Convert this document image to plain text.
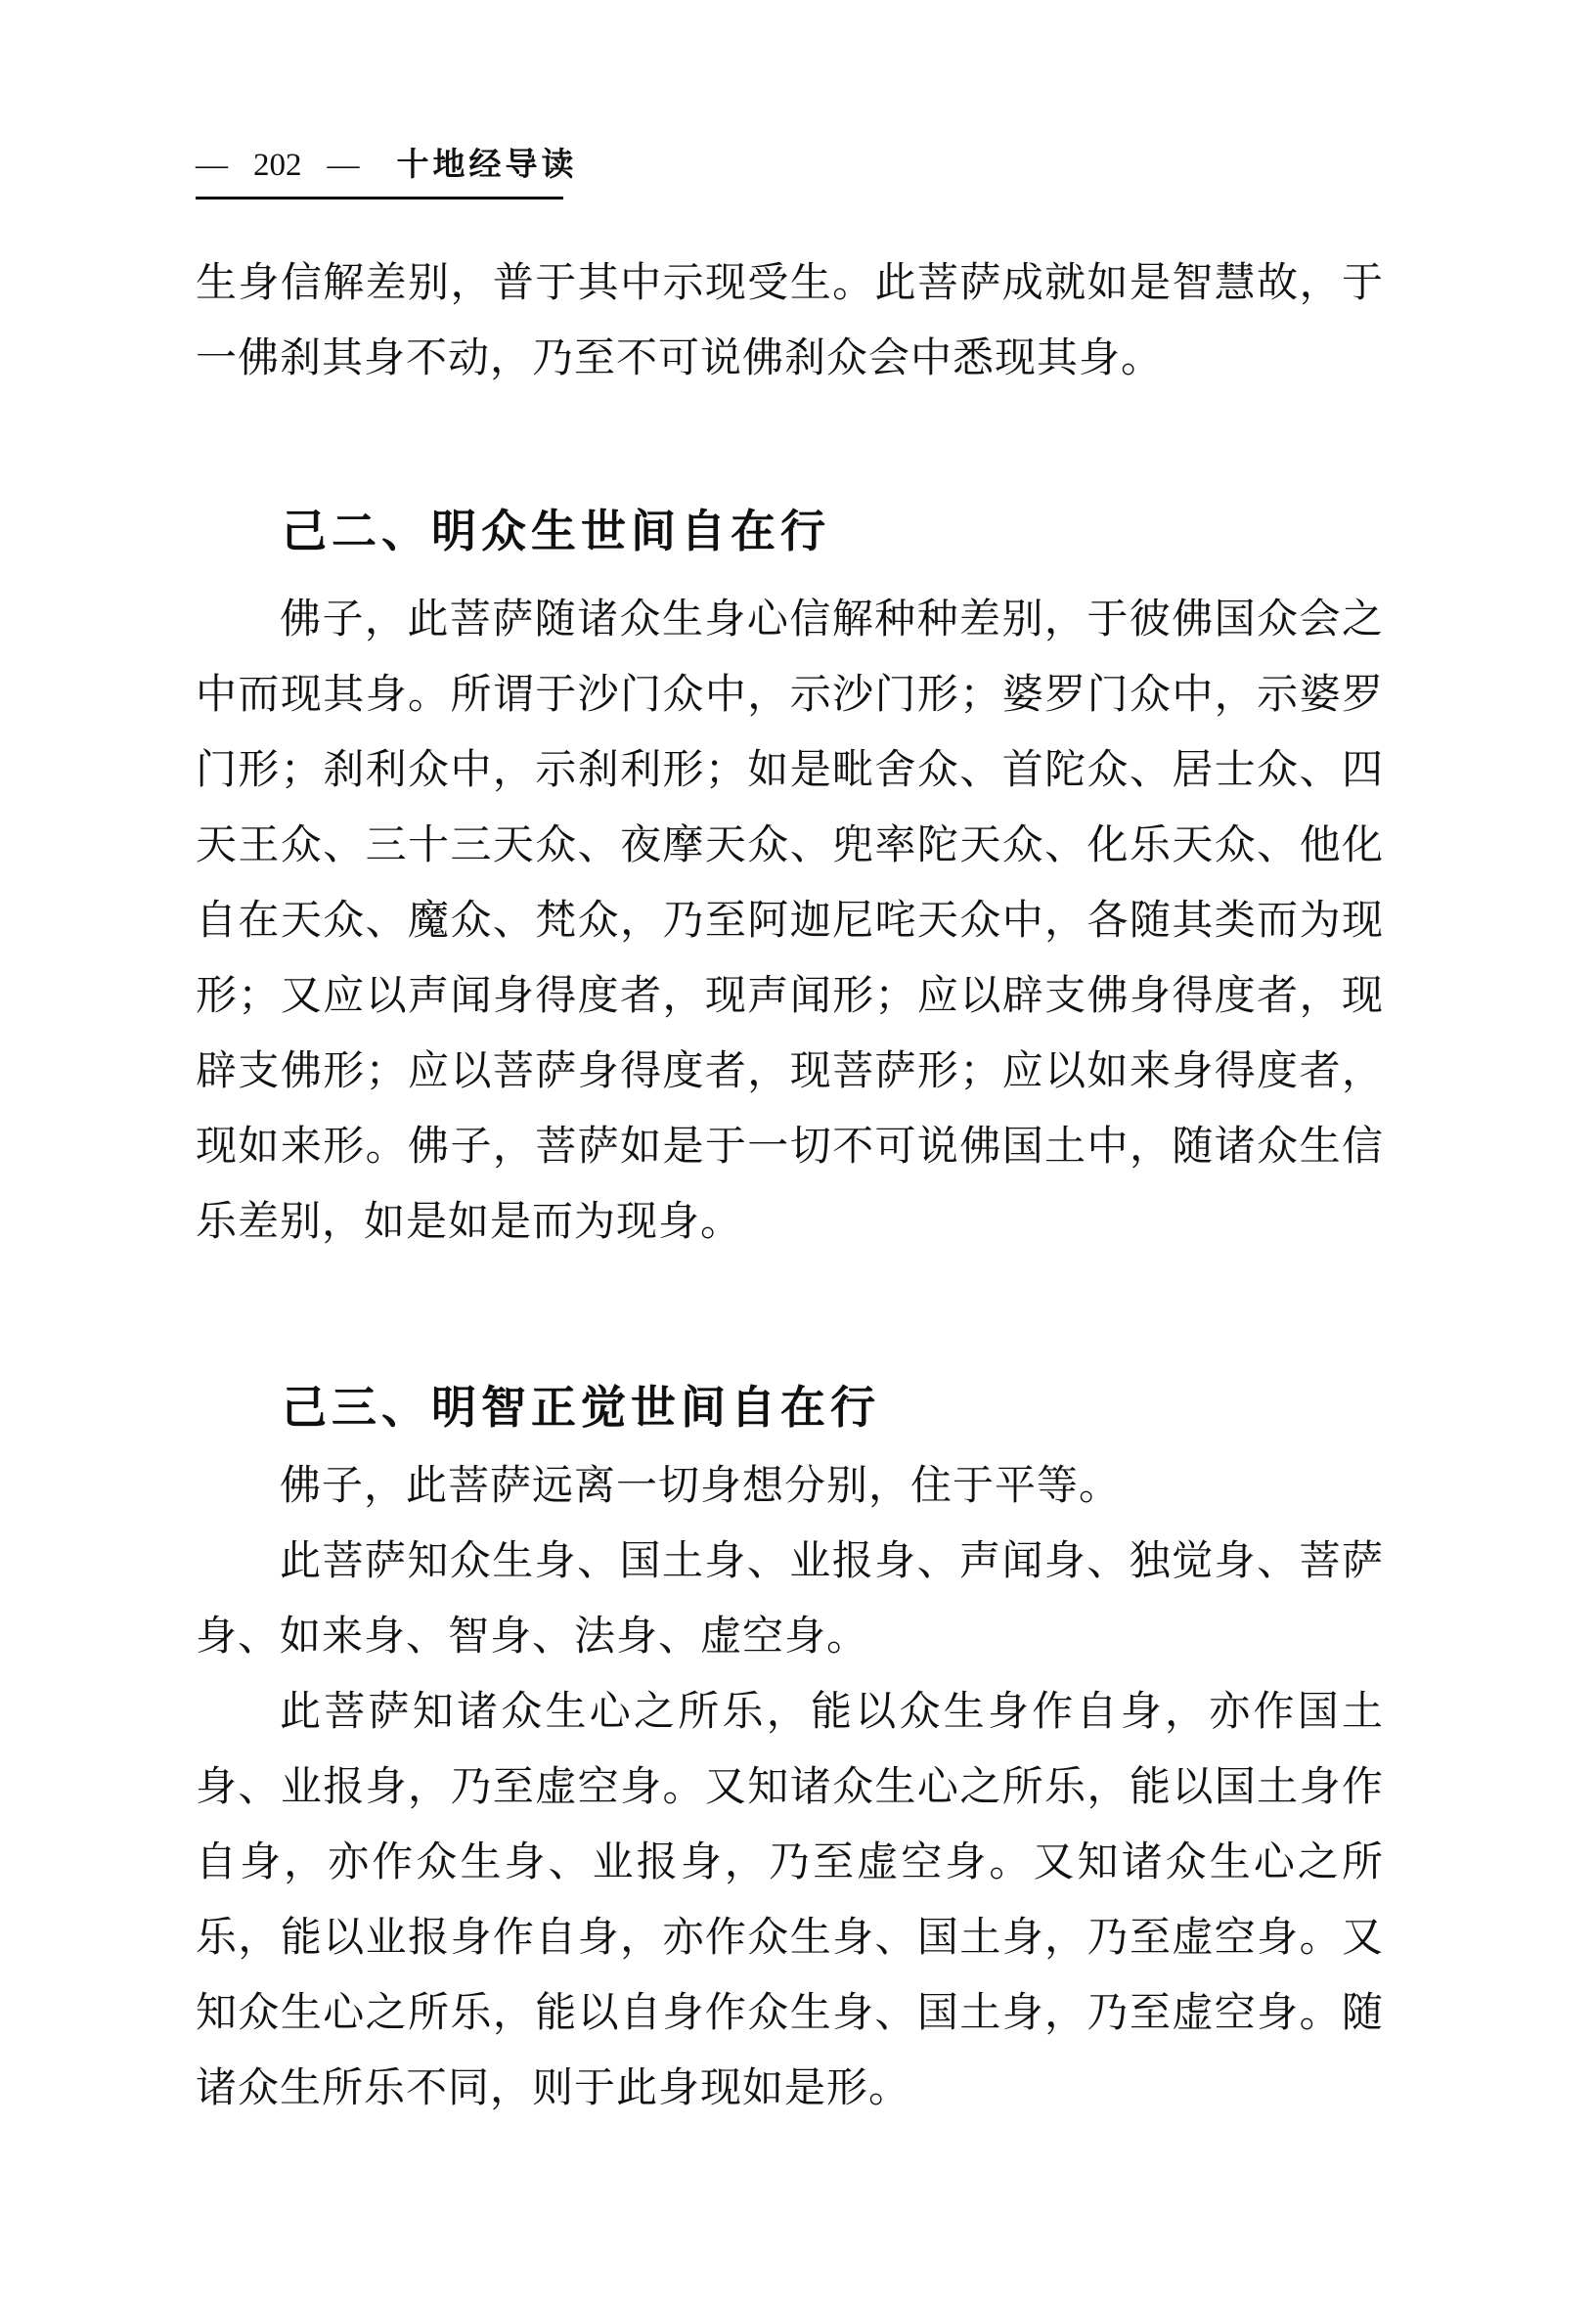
— 202 — 十地经导读
生身信解差别，普于其中示现受生。此菩萨成就如是智慧故，于
一佛刹其身不动，乃至不可说佛刹众会中悉现其身。
己二、明众生世间自在行
佛子，此菩萨随诸众生身心信解种种差别，于彼佛国众会之
中而现其身。所谓于沙门众中，示沙门形；婆罗门众中，示婆罗
门形；刹利众中，示刹利形；如是毗舍众、首陀众、居士众、四
天王众、三十三天众、夜摩天众、兜率陀天众、化乐天众、他化
自在天众、魔众、梵众，乃至阿迦尼咤天众中，各随其类而为现
形；又应以声闻身得度者，现声闻形；应以辟支佛身得度者，现
辟支佛形；应以菩萨身得度者，现菩萨形；应以如来身得度者，
现如来形。佛子，菩萨如是于一切不可说佛国土中，随诸众生信
乐差别，如是如是而为现身。
己三、明智正觉世间自在行
佛子，此菩萨远离一切身想分别，住于平等。
此菩萨知众生身、国土身、业报身、声闻身、独觉身、菩萨
身、如来身、智身、法身、虚空身。
此菩萨知诸众生心之所乐，能以众生身作自身，亦作国土
身、业报身，乃至虚空身。又知诸众生心之所乐，能以国土身作
自身，亦作众生身、业报身，乃至虚空身。又知诸众生心之所
乐，能以业报身作自身，亦作众生身、国土身，乃至虚空身。又
知众生心之所乐，能以自身作众生身、国土身，乃至虚空身。随
诸众生所乐不同，则于此身现如是形。
